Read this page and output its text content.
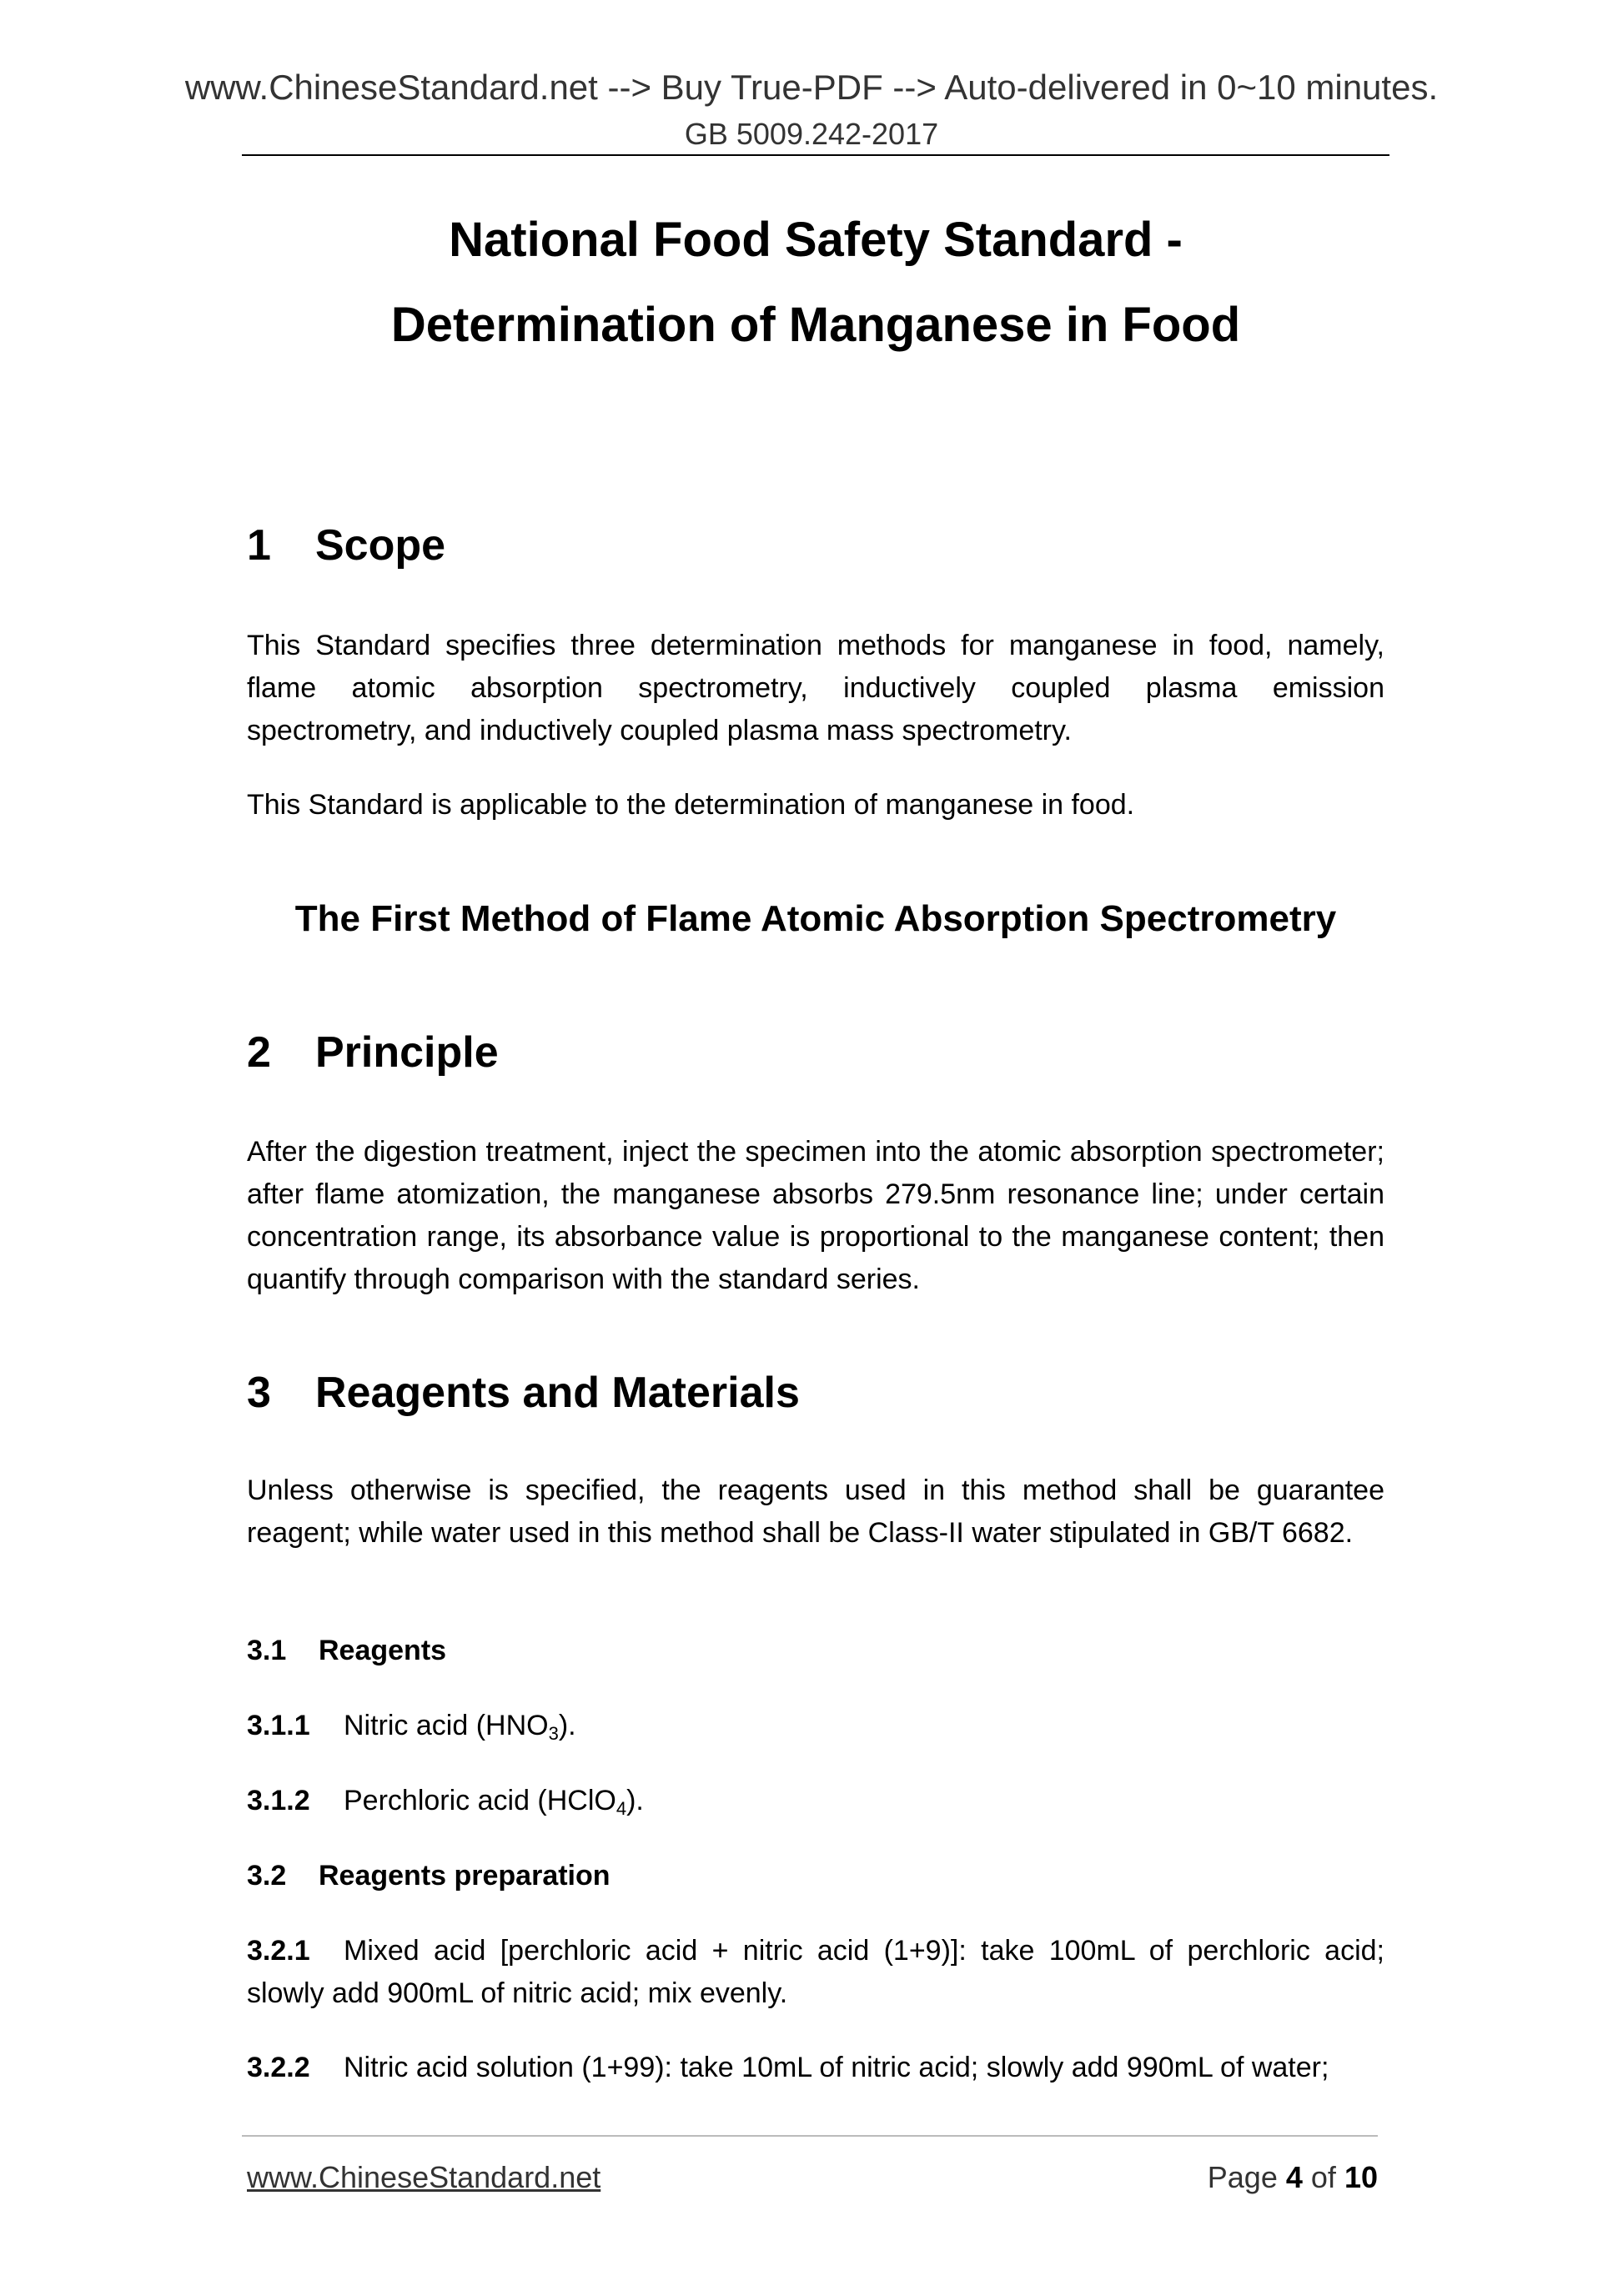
www.ChineseStandard.net --> Buy True-PDF --> Auto-delivered in 0~10 minutes.
GB 5009.242-2017
National Food Safety Standard -
Determination of Manganese in Food
1 Scope
This Standard specifies three determination methods for manganese in food, namely,
flame atomic absorption spectrometry, inductively coupled plasma emission
spectrometry, and inductively coupled plasma mass spectrometry.
This Standard is applicable to the determination of manganese in food.
The First Method of Flame Atomic Absorption Spectrometry
2 Principle
After the digestion treatment, inject the specimen into the atomic absorption spectrometer; after flame atomization, the manganese absorbs 279.5nm resonance line; under certain concentration range, its absorbance value is proportional to the manganese content; then quantify through comparison with the standard series.
3 Reagents and Materials
Unless otherwise is specified, the reagents used in this method shall be guarantee reagent; while water used in this method shall be Class-II water stipulated in GB/T 6682.
3.1 Reagents
3.1.1 Nitric acid $(HNO_3)$.
3.1.2 Perchloric acid (HClO$_4$).
3.2 Reagents preparation
3.2.1 Mixed acid [perchloric acid + nitric acid (1+9)]: take 100mL of perchloric acid; slowly add 900mL of nitric acid; mix evenly.
3.2.2 Nitric acid solution (1+99): take 10mL of nitric acid; slowly add 990mL of water;
www.ChineseStandard.net	Page 4 of 10
